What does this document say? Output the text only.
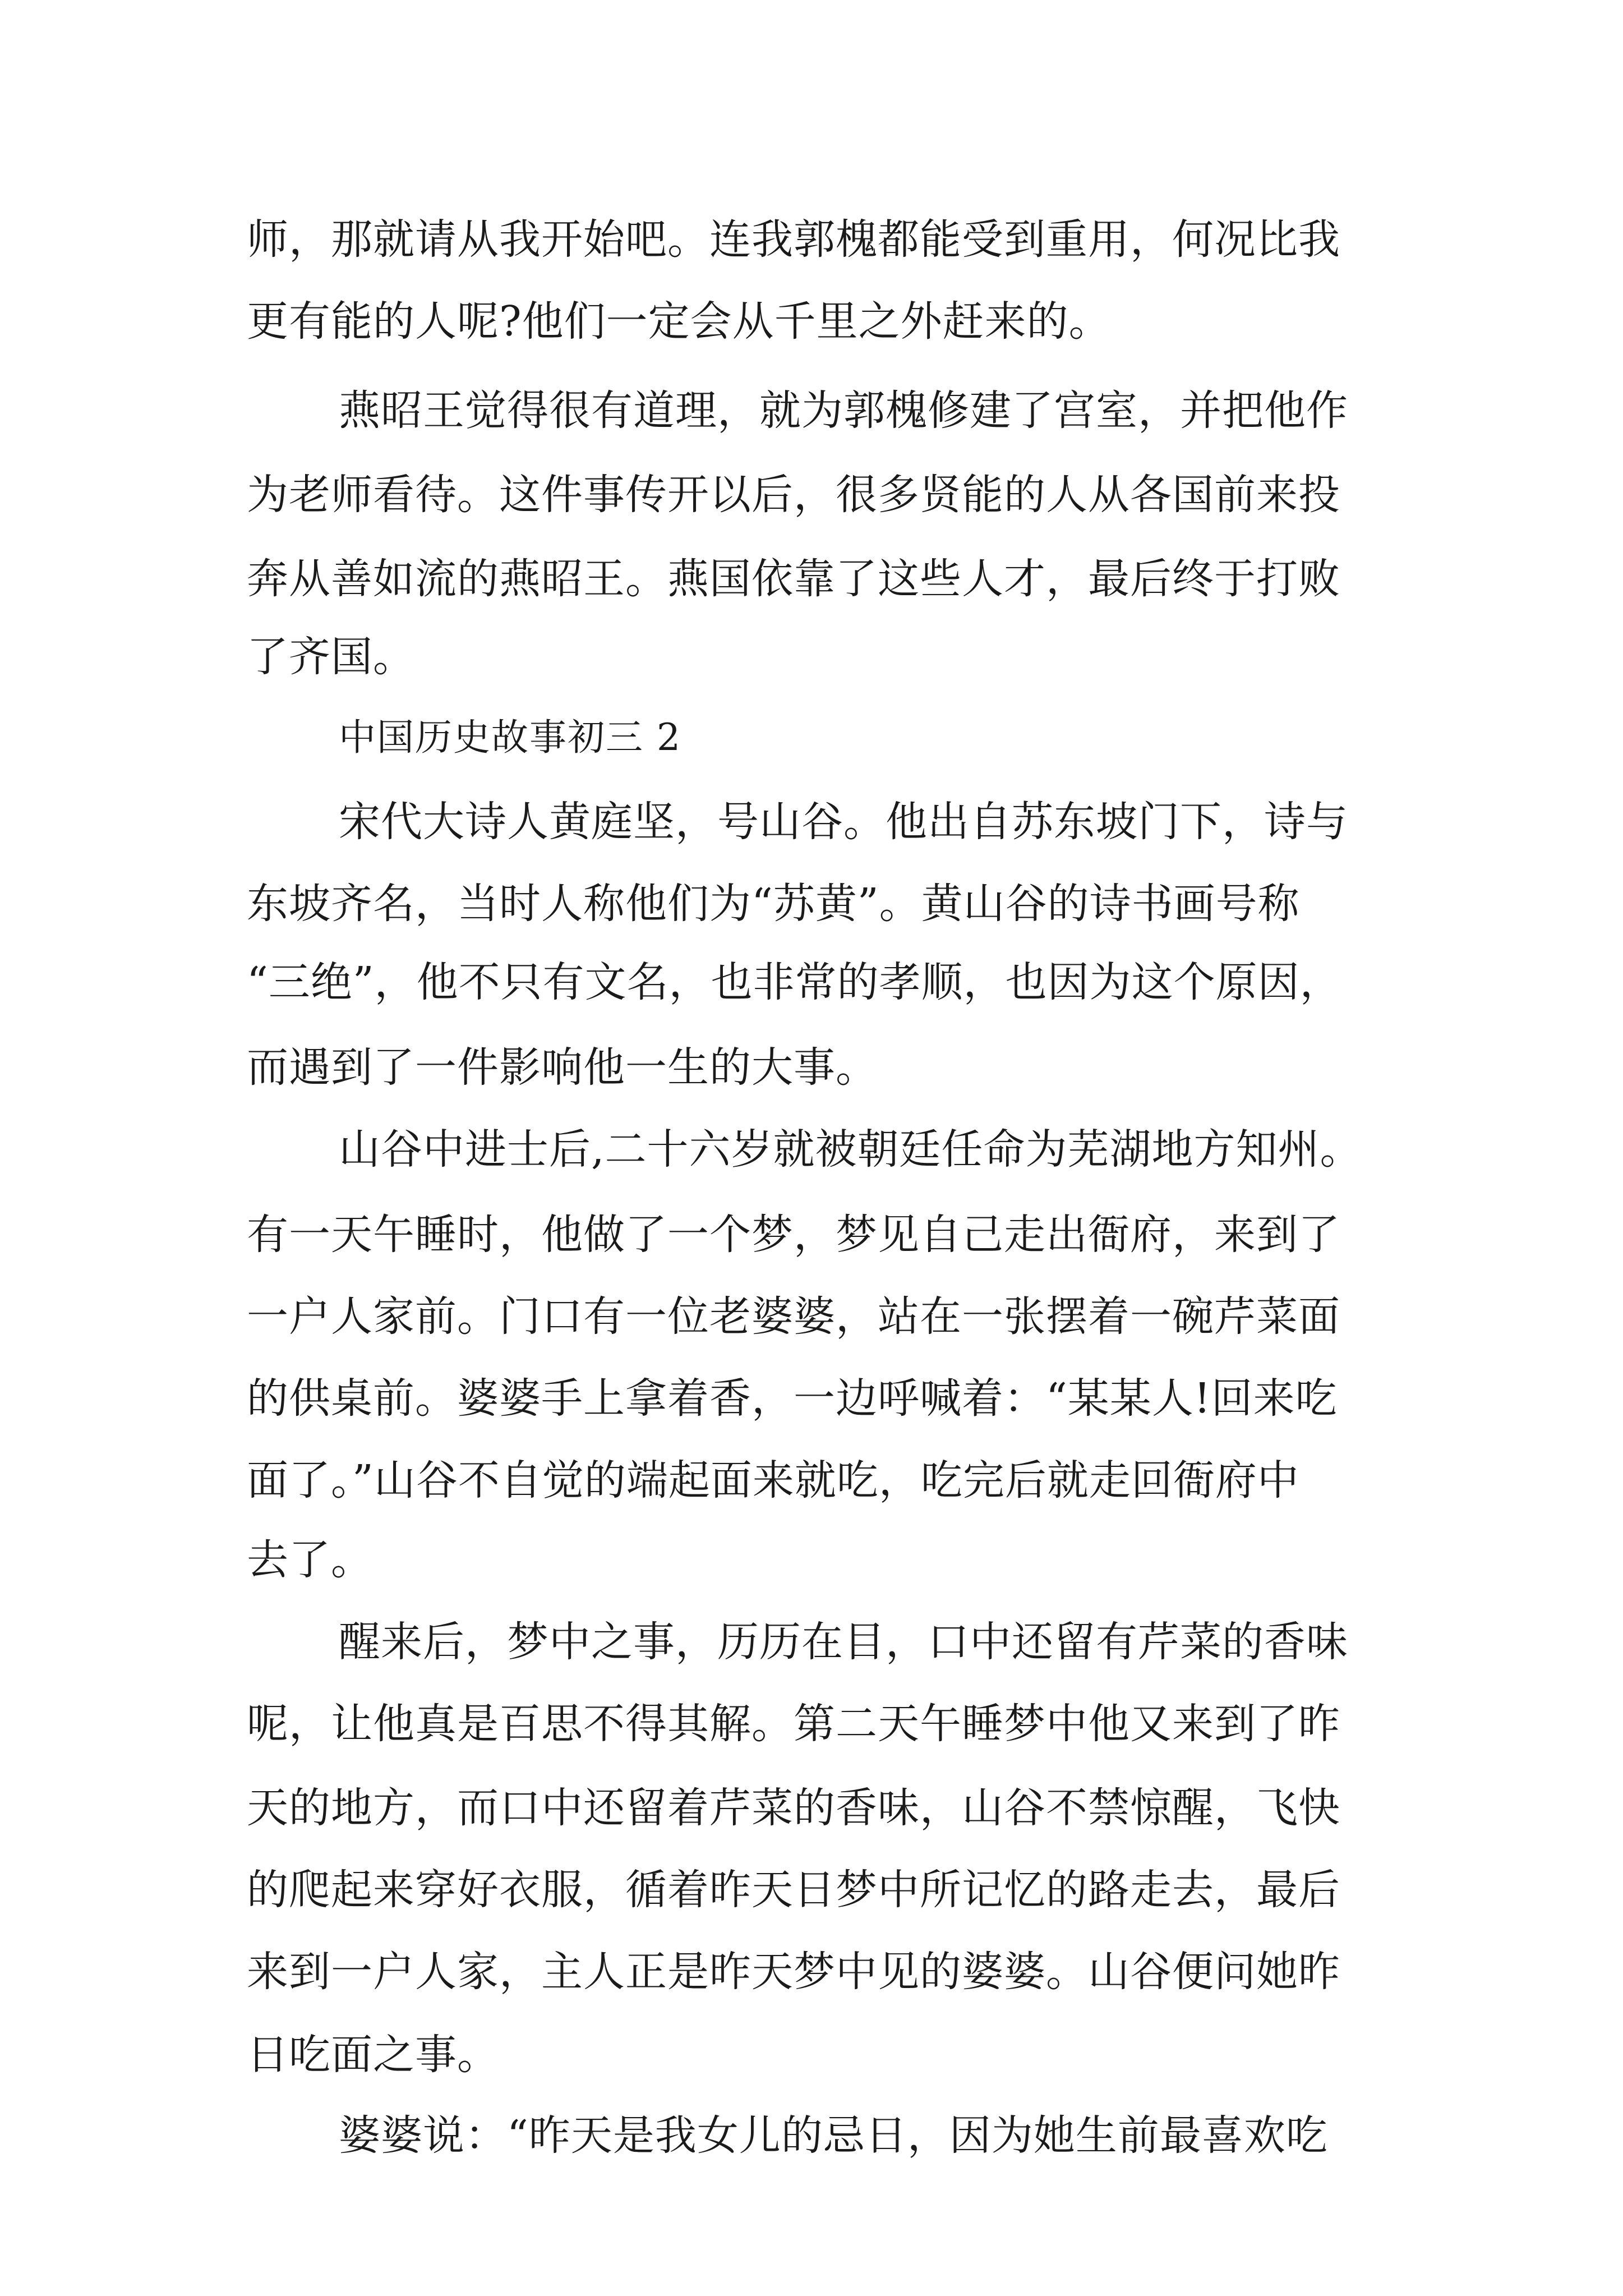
师，那就请从我开始吧。连我郭槐都能受到重用，何况比我

更有能的人呢?他们一定会从千里之外赶来的。

燕昭王觉得很有道理，就为郭槐修建了宫室，并把他作

为老师看待。这件事传开以后，很多贤能的人从各国前来投

奔从善如流的燕昭王。燕国依靠了这些人才，最后终于打败

了齐国。

中国历史故事初三 2

宋代大诗人黄庭坚，号山谷。他出自苏东坡门下，诗与

东坡齐名，当时人称他们为“苏黄”。黄山谷的诗书画号称

“三绝”，他不只有文名，也非常的孝顺，也因为这个原因，

而遇到了一件影响他一生的大事。

山谷中进士后,二十六岁就被朝廷任命为芜湖地方知州。

有一天午睡时，他做了一个梦，梦见自己走出衙府，来到了

一户人家前。门口有一位老婆婆，站在一张摆着一碗芹菜面

的供桌前。婆婆手上拿着香，一边呼喊着：“某某人!回来吃

面了。”山谷不自觉的端起面来就吃，吃完后就走回衙府中

去了。

醒来后，梦中之事，历历在目，口中还留有芹菜的香味

呢，让他真是百思不得其解。第二天午睡梦中他又来到了昨

天的地方，而口中还留着芹菜的香味，山谷不禁惊醒，飞快

的爬起来穿好衣服，循着昨天日梦中所记忆的路走去，最后

来到一户人家，主人正是昨天梦中见的婆婆。山谷便问她昨

日吃面之事。

婆婆说：“昨天是我女儿的忌日，因为她生前最喜欢吃
